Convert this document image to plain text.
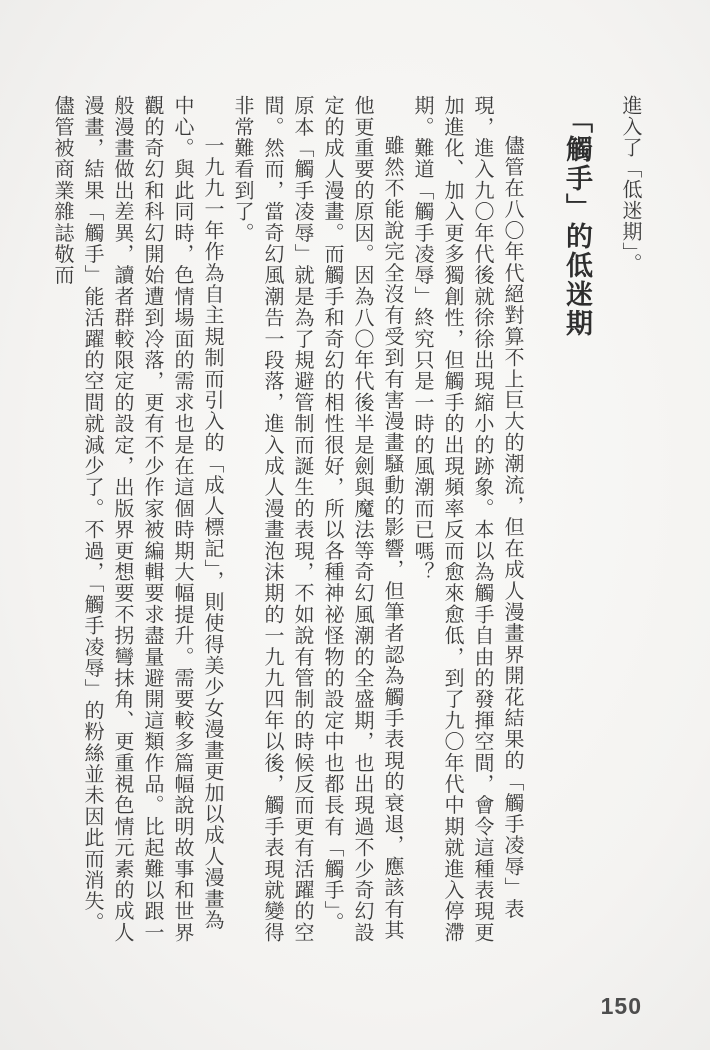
進入了「低迷期」。

「觸手」的低迷期

儘管在八〇年代絕對算不上巨大的潮流，但在成人漫畫界開花結果的「觸手凌辱」表現，進入九〇年代後就徐徐出現縮小的跡象。本以為觸手自由的發揮空間，會令這種表現更加進化、加入更多獨創性，但觸手的出現頻率反而愈來愈低，到了九〇年代中期就進入停滯期。難道「觸手凌辱」終究只是一時的風潮而已嗎？

雖然不能說完全沒有受到有害漫畫騷動的影響，但筆者認為觸手表現的衰退，應該有其他更重要的原因。因為八〇年代後半是劍與魔法等奇幻風潮的全盛期，也出現過不少奇幻設定的成人漫畫。而觸手和奇幻的相性很好，所以各種神祕怪物的設定中也都長有「觸手」。原本「觸手凌辱」就是為了規避管制而誕生的表現，不如說有管制的時候反而更有活躍的空間。然而，當奇幻風潮告一段落，進入成人漫畫泡沫期的一九九四年以後，觸手表現就變得非常難看到了。

一九九一年作為自主規制而引入的「成人標記」，則使得美少女漫畫更加以成人漫畫為中心。與此同時，色情場面的需求也是在這個時期大幅提升。需要較多篇幅說明故事和世界觀的奇幻和科幻開始遭到冷落，更有不少作家被編輯要求盡量避開這類作品。比起難以跟一般漫畫做出差異，讀者群較限定的設定，出版界更想要不拐彎抹角、更重視色情元素的成人漫畫，結果「觸手」能活躍的空間就減少了。不過，「觸手凌辱」的粉絲並未因此而消失。儘管被商業雜誌敬而

150
